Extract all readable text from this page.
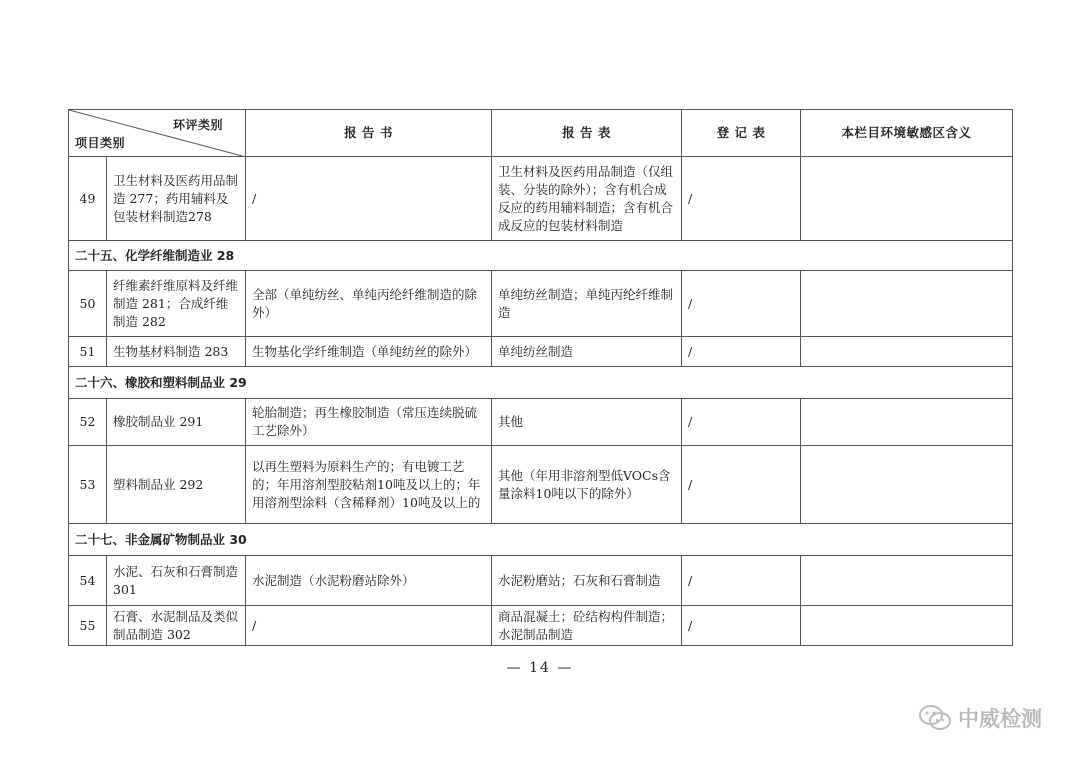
环评类别
项目类别		报 告 书	报 告 表	登 记 表	本栏目环境敏感区含义
49	卫生材料及医药用品制造 277；药用辅料及包装材料制造278	/	卫生材料及医药用品制造（仅组装、分装的除外）；含有机合成反应的药用辅料制造；含有机合成反应的包装材料制造	/	
二十五、化学纤维制造业 28					
50	纤维素纤维原料及纤维制造 281；合成纤维制造 282	全部（单纯纺丝、单纯丙纶纤维制造的除外）	单纯纺丝制造；单纯丙纶纤维制造	/	
51	生物基材料制造 283	生物基化学纤维制造（单纯纺丝的除外）	单纯纺丝制造	/	
二十六、橡胶和塑料制品业 29					
52	橡胶制品业 291	轮胎制造；再生橡胶制造（常压连续脱硫工艺除外）	其他	/	
53	塑料制品业 292	以再生塑料为原料生产的；有电镀工艺的；年用溶剂型胶粘剂10吨及以上的；年用溶剂型涂料（含稀释剂）10吨及以上的	其他（年用非溶剂型低VOCs含量涂料10吨以下的除外）	/	
二十七、非金属矿物制品业 30					
54	水泥、石灰和石膏制造 301	水泥制造（水泥粉磨站除外）	水泥粉磨站；石灰和石膏制造	/	
55	石膏、水泥制品及类似制品制造 302	/	商品混凝土；砼结构构件制造；水泥制品制造	/	
— 14 —
中威检测
